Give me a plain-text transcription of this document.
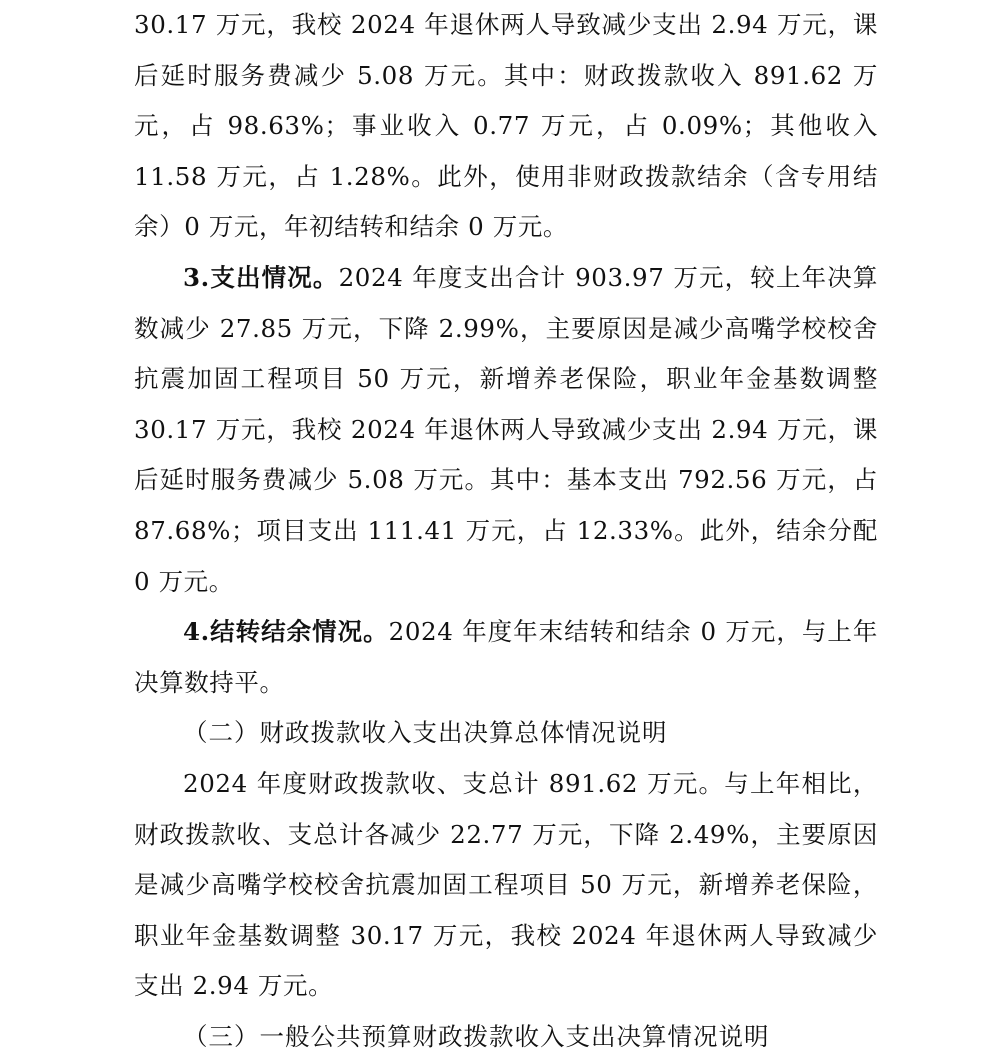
30.17 万元，我校 2024 年退休两人导致减少支出 2.94 万元，课后延时服务费减少 5.08 万元。其中：财政拨款收入 891.62 万元，占 98.63%；事业收入 0.77 万元，占 0.09%；其他收入 11.58 万元，占 1.28%。此外，使用非财政拨款结余（含专用结余）0 万元，年初结转和结余 0 万元。

3.支出情况。2024 年度支出合计 903.97 万元，较上年决算数减少 27.85 万元，下降 2.99%，主要原因是减少高嘴学校校舍抗震加固工程项目 50 万元，新增养老保险，职业年金基数调整 30.17 万元，我校 2024 年退休两人导致减少支出 2.94 万元，课后延时服务费减少 5.08 万元。其中：基本支出 792.56 万元，占 87.68%；项目支出 111.41 万元，占 12.33%。此外，结余分配 0 万元。

4.结转结余情况。2024 年度年末结转和结余 0 万元，与上年决算数持平。

（二）财政拨款收入支出决算总体情况说明

2024 年度财政拨款收、支总计 891.62 万元。与上年相比，财政拨款收、支总计各减少 22.77 万元，下降 2.49%，主要原因是减少高嘴学校校舍抗震加固工程项目 50 万元，新增养老保险，职业年金基数调整 30.17 万元，我校 2024 年退休两人导致减少支出 2.94 万元。

（三）一般公共预算财政拨款收入支出决算情况说明
